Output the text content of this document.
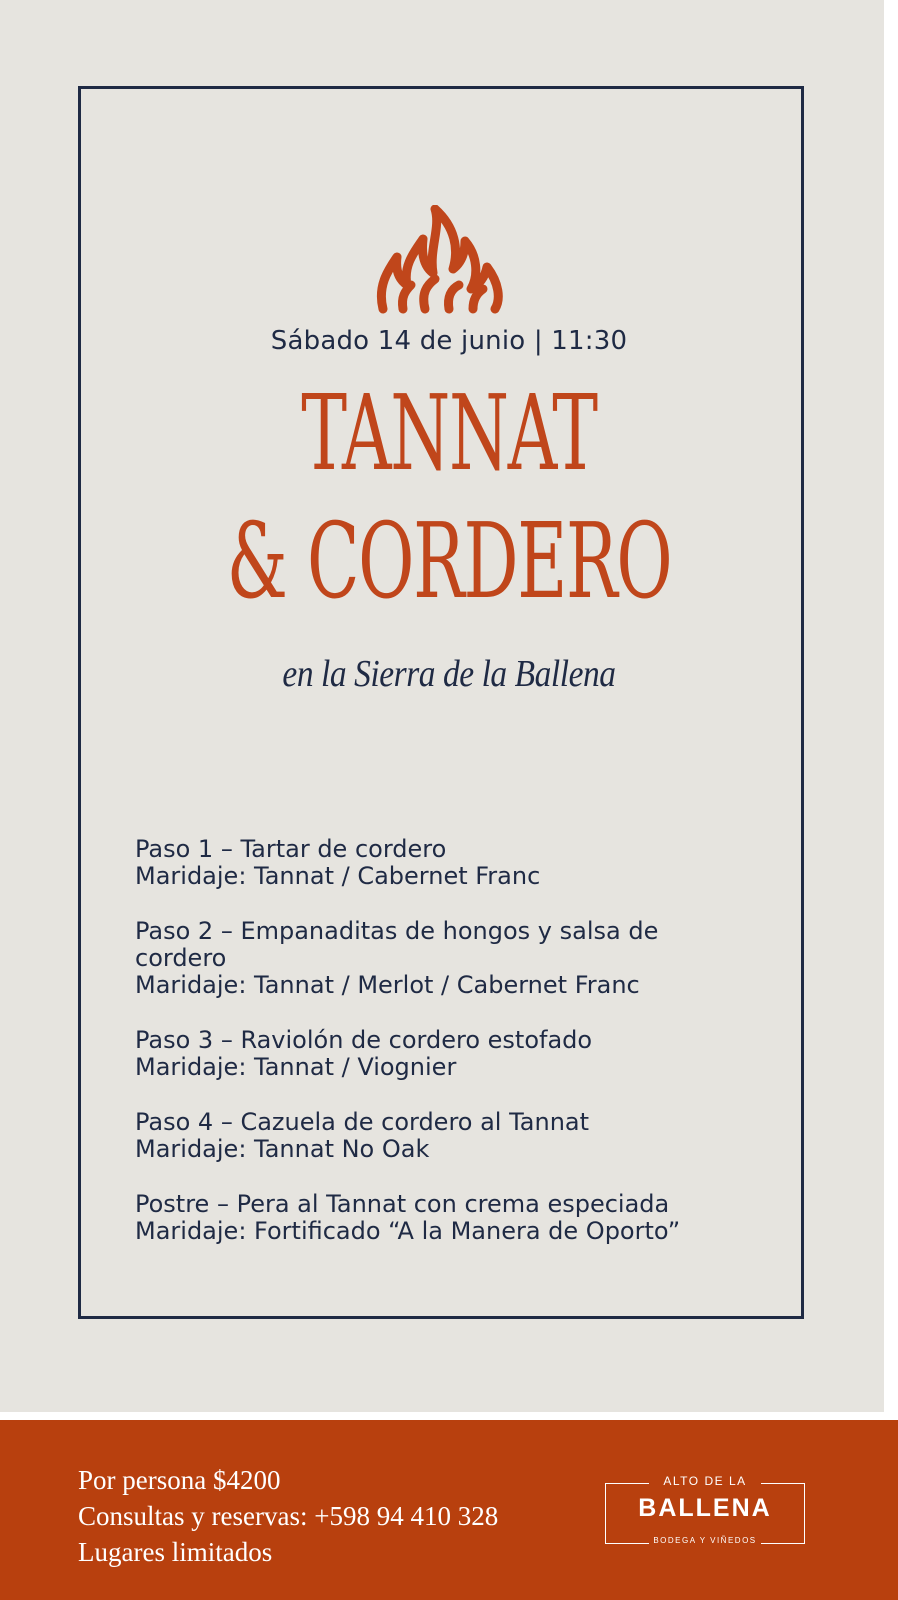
Sábado 14 de junio | 11:30
TANNAT
& CORDERO
en la Sierra de la Ballena
Paso 1 – Tartar de cordero
Maridaje: Tannat / Cabernet Franc
Paso 2 – Empanaditas de hongos y salsa de cordero
Maridaje: Tannat / Merlot / Cabernet Franc
Paso 3 – Raviolón de cordero estofado
Maridaje: Tannat / Viognier
Paso 4 – Cazuela de cordero al Tannat
Maridaje: Tannat No Oak
Postre – Pera al Tannat con crema especiada
Maridaje: Fortificado “A la Manera de Oporto”
Por persona $4200
Consultas y reservas: +598 94 410 328
Lugares limitados
ALTO DE LA
BALLENA
BODEGA Y VIÑEDOS
